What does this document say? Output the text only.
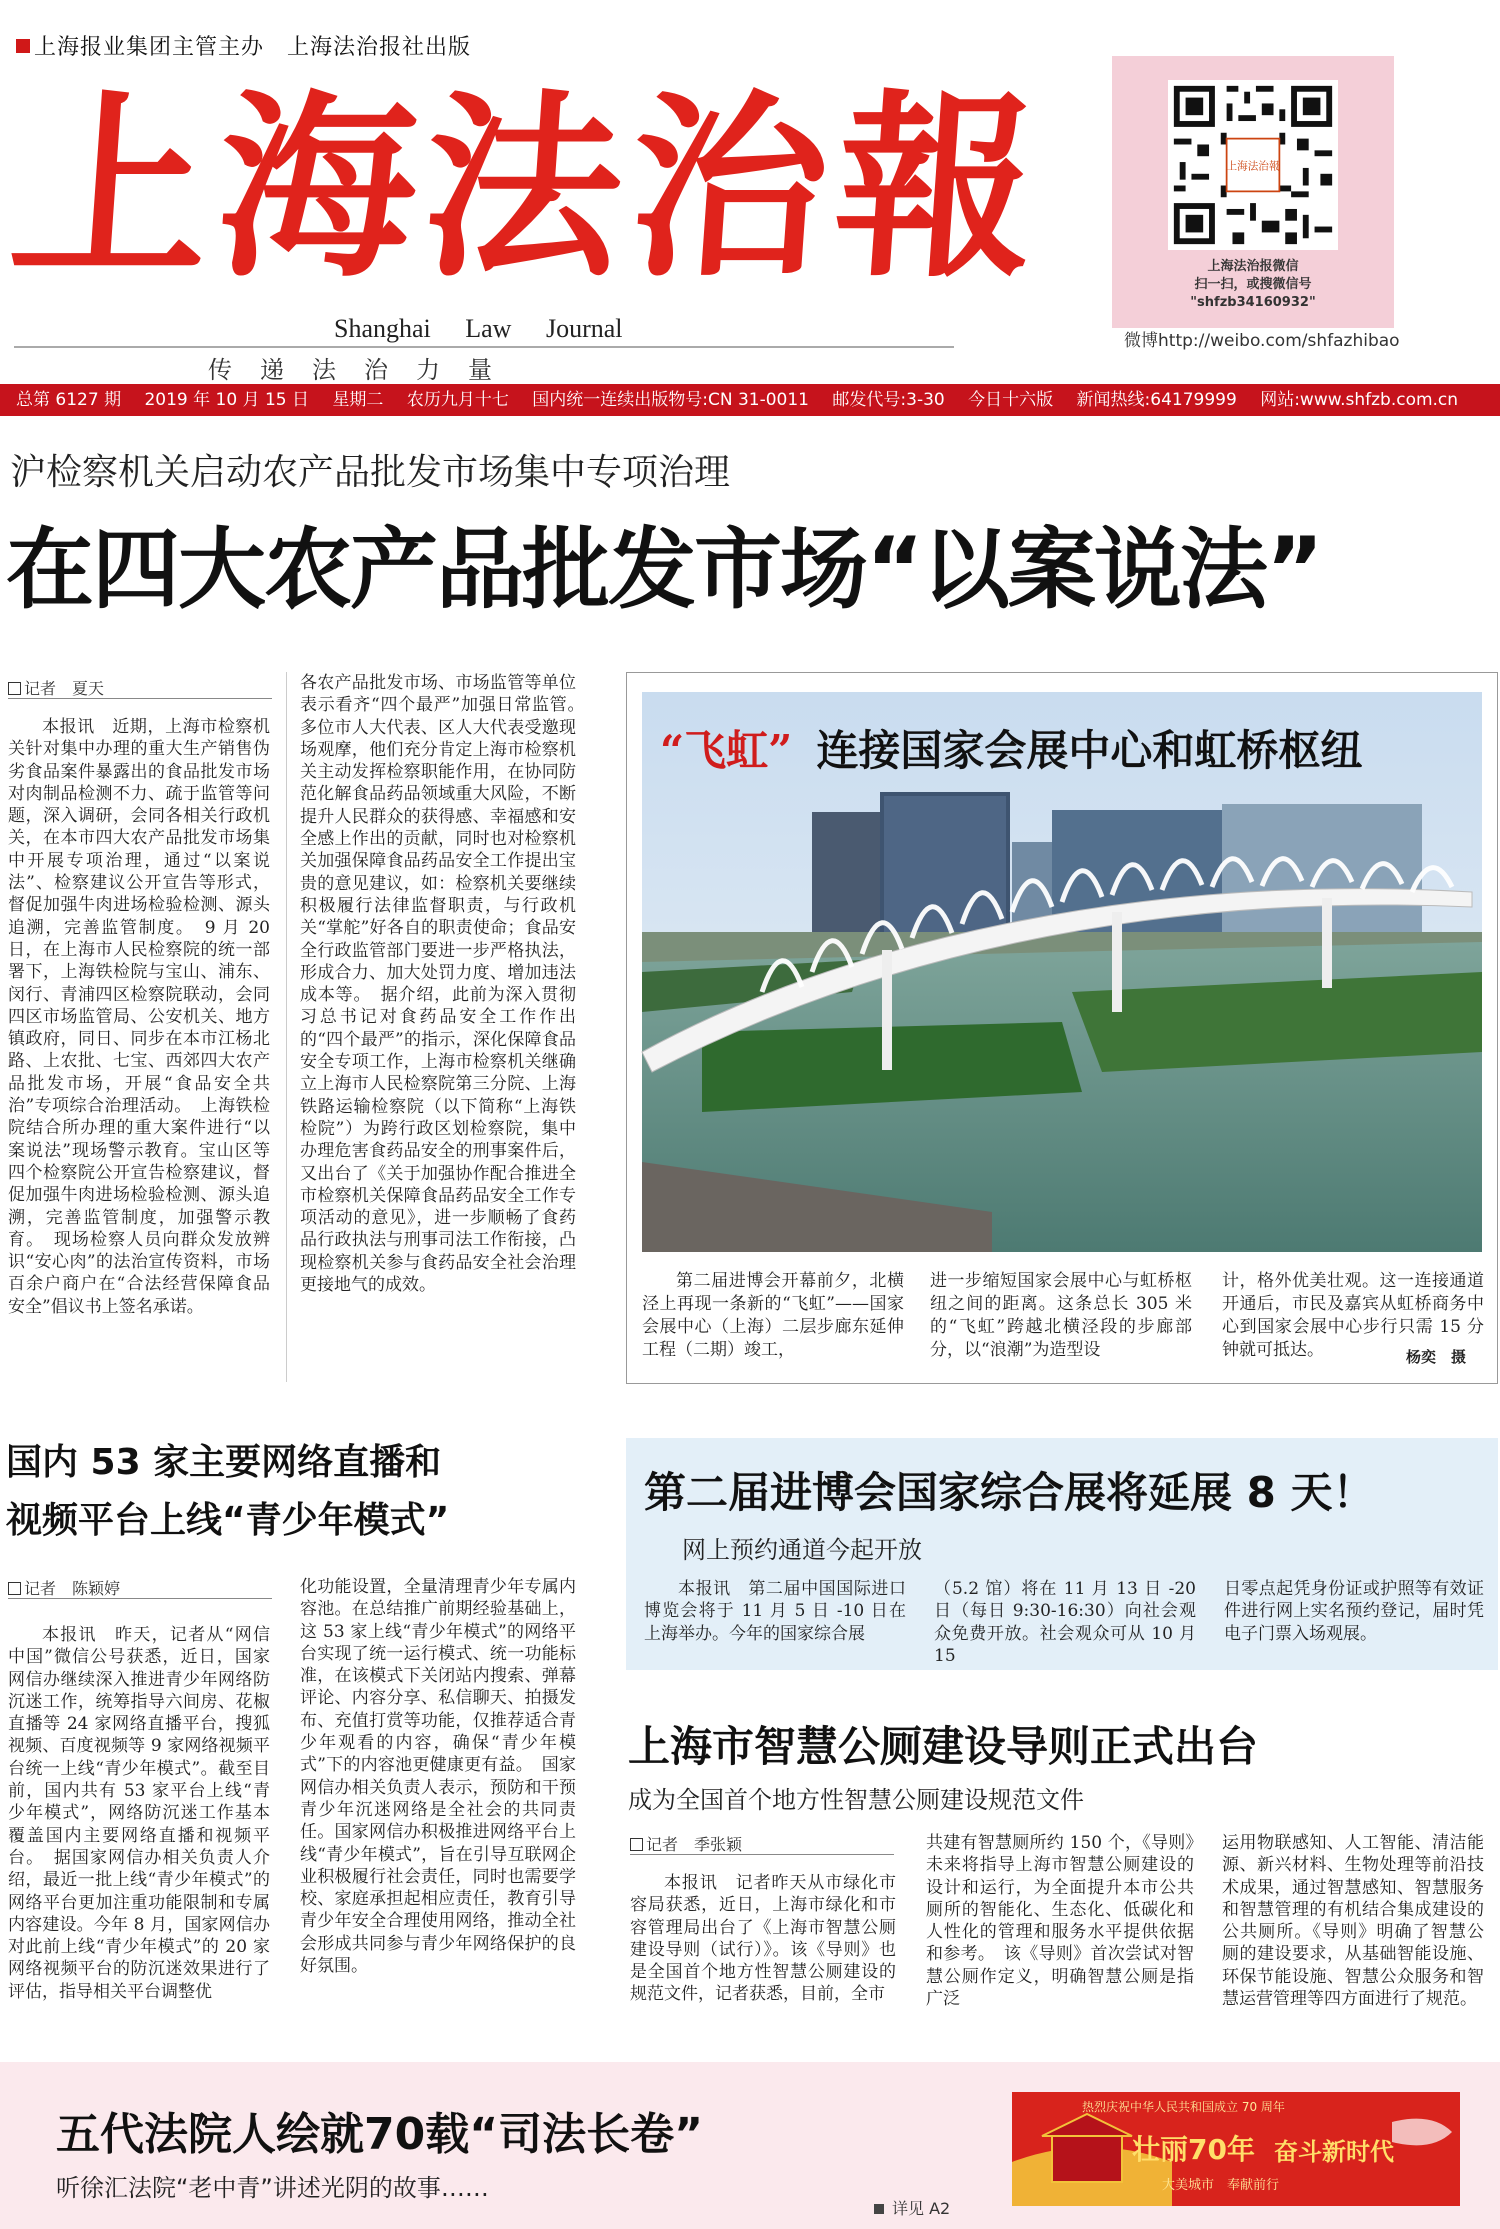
上海报业集团主管主办　上海法治报社出版
上海法治報
Shanghai Law Journal
传　递　法　治　力　量
上海法治報
上海法治报微信
扫一扫，或搜微信号
"shfzb34160932"
微博http://weibo.com/shfazhibao
总第 6127 期 2019 年 10 月 15 日 星期二 农历九月十七 国内统一连续出版物号:CN 31-0011 邮发代号:3-30 今日十六版 新闻热线:64179999 网站:www.shfzb.com.cn
沪检察机关启动农产品批发市场集中专项治理
在四大农产品批发市场“以案说法”
记者　夏天
本报讯　近期，上海市检察机关针对集中办理的重大生产销售伪劣食品案件暴露出的食品批发市场对肉制品检测不力、疏于监管等问题，深入调研，会同各相关行政机关，在本市四大农产品批发市场集中开展专项治理，通过“以案说法”、检察建议公开宣告等形式，督促加强牛肉进场检验检测、源头追溯，完善监管制度。　9 月 20 日，在上海市人民检察院的统一部署下，上海铁检院与宝山、浦东、闵行、青浦四区检察院联动，会同四区市场监管局、公安机关、地方镇政府，同日、同步在本市江杨北路、上农批、七宝、西郊四大农产品批发市场，开展“食品安全共治”专项综合治理活动。　上海铁检院结合所办理的重大案件进行“以案说法”现场警示教育。宝山区等四个检察院公开宣告检察建议，督促加强牛肉进场检验检测、源头追溯，完善监管制度，加强警示教育。　现场检察人员向群众发放辨识“安心肉”的法治宣传资料，市场百余户商户在“合法经营保障食品安全”倡议书上签名承诺。
各农产品批发市场、市场监管等单位表示看齐“四个最严”加强日常监管。　多位市人大代表、区人大代表受邀现场观摩，他们充分肯定上海市检察机关主动发挥检察职能作用，在协同防范化解食品药品领域重大风险，不断提升人民群众的获得感、幸福感和安全感上作出的贡献，同时也对检察机关加强保障食品药品安全工作提出宝贵的意见建议，如：检察机关要继续积极履行法律监督职责，与行政机关“掌舵”好各自的职责使命；食品安全行政监管部门要进一步严格执法，形成合力、加大处罚力度、增加违法成本等。　据介绍，此前为深入贯彻习总书记对食药品安全工作作出的“四个最严”的指示，深化保障食品安全专项工作，上海市检察机关继确立上海市人民检察院第三分院、上海铁路运输检察院（以下简称“上海铁检院”）为跨行政区划检察院，集中办理危害食药品安全的刑事案件后，又出台了《关于加强协作配合推进全市检察机关保障食品药品安全工作专项活动的意见》，进一步顺畅了食药品行政执法与刑事司法工作衔接，凸现检察机关参与食药品安全社会治理更接地气的成效。
“飞虹” 连接国家会展中心和虹桥枢纽
第二届进博会开幕前夕，北横泾上再现一条新的“飞虹”——国家会展中心（上海）二层步廊东延伸工程（二期）竣工，
进一步缩短国家会展中心与虹桥枢纽之间的距离。这条总长 305 米的“飞虹”跨越北横泾段的步廊部分，以“浪潮”为造型设
计，格外优美壮观。这一连接通道开通后，市民及嘉宾从虹桥商务中心到国家会展中心步行只需 15 分钟就可抵达。	杨奕　摄
国内 53 家主要网络直播和
视频平台上线“青少年模式”
记者　陈颖婷
本报讯　昨天，记者从“网信中国”微信公号获悉，近日，国家网信办继续深入推进青少年网络防沉迷工作，统筹指导六间房、花椒直播等 24 家网络直播平台，搜狐视频、百度视频等 9 家网络视频平台统一上线“青少年模式”。截至目前，国内共有 53 家平台上线“青少年模式”，网络防沉迷工作基本覆盖国内主要网络直播和视频平台。　据国家网信办相关负责人介绍，最近一批上线“青少年模式”的网络平台更加注重功能限制和专属内容建设。今年 8 月，国家网信办对此前上线“青少年模式”的 20 家网络视频平台的防沉迷效果进行了评估，指导相关平台调整优
化功能设置，全量清理青少年专属内容池。在总结推广前期经验基础上，这 53 家上线“青少年模式”的网络平台实现了统一运行模式、统一功能标准，在该模式下关闭站内搜索、弹幕评论、内容分享、私信聊天、拍摄发布、充值打赏等功能，仅推荐适合青少年观看的内容，确保“青少年模式”下的内容池更健康更有益。　国家网信办相关负责人表示，预防和干预青少年沉迷网络是全社会的共同责任。国家网信办积极推进网络平台上线“青少年模式”，旨在引导互联网企业积极履行社会责任，同时也需要学校、家庭承担起相应责任，教育引导青少年安全合理使用网络，推动全社会形成共同参与青少年网络保护的良好氛围。
第二届进博会国家综合展将延展 8 天！
网上预约通道今起开放
本报讯　第二届中国国际进口博览会将于 11 月 5 日 -10 日在上海举办。今年的国家综合展
（5.2 馆）将在 11 月 13 日 -20 日（每日 9:30-16:30）向社会观众免费开放。社会观众可从 10 月 15
日零点起凭身份证或护照等有效证件进行网上实名预约登记，届时凭电子门票入场观展。
上海市智慧公厕建设导则正式出台
成为全国首个地方性智慧公厕建设规范文件
记者　季张颖
本报讯　记者昨天从市绿化市容局获悉，近日，上海市绿化和市容管理局出台了《上海市智慧公厕建设导则（试行）》。该《导则》也是全国首个地方性智慧公厕建设的规范文件，记者获悉，目前，全市
共建有智慧厕所约 150 个，《导则》未来将指导上海市智慧公厕建设的设计和运行，为全面提升本市公共厕所的智能化、生态化、低碳化和人性化的管理和服务水平提供依据和参考。　该《导则》首次尝试对智慧公厕作定义，明确智慧公厕是指广泛
运用物联感知、人工智能、清洁能源、新兴材料、生物处理等前沿技术成果，通过智慧感知、智慧服务和智慧管理的有机结合集成建设的公共厕所。《导则》明确了智慧公厕的建设要求，从基础智能设施、环保节能设施、智慧公众服务和智慧运营管理等四方面进行了规范。
五代法院人绘就70载“司法长卷”
听徐汇法院“老中青”讲述光阴的故事……
热烈庆祝中华人民共和国成立 70 周年
壮丽70年 奋斗新时代
大美城市　奉献前行
详见 A2
